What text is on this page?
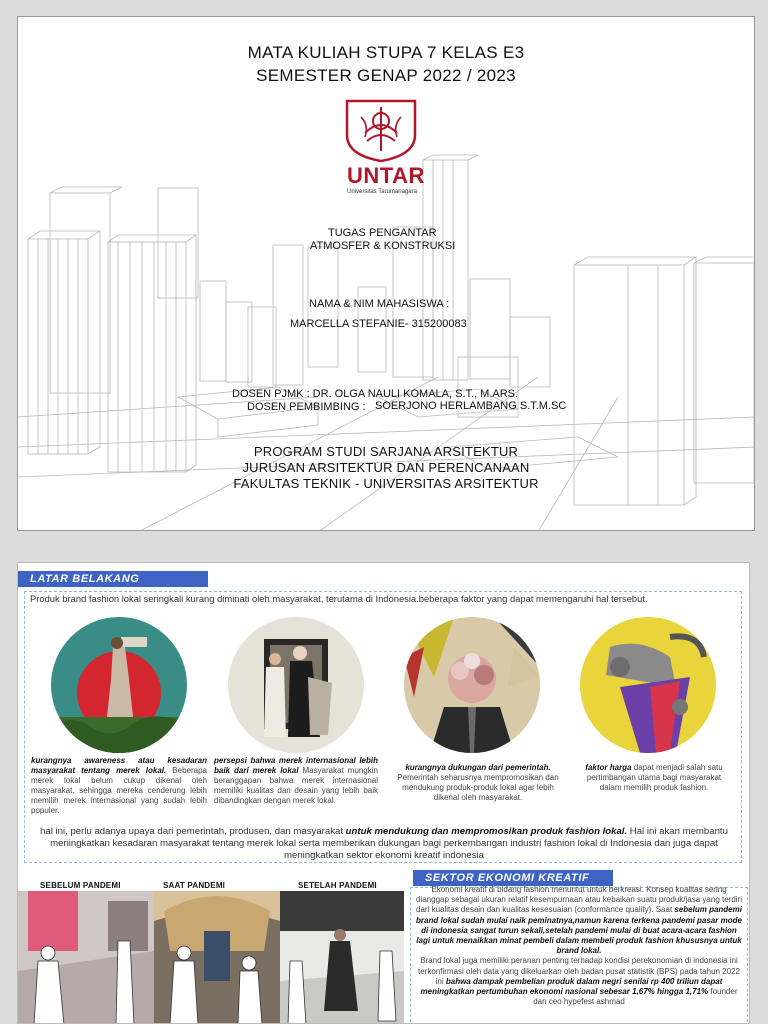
MATA KULIAH STUPA 7 KELAS E3
SEMESTER GENAP 2022 / 2023
UNTAR
Universitas Tarumanagara
TUGAS PENGANTAR
ATMOSFER & KONSTRUKSI
NAMA & NIM MAHASISWA :
MARCELLA STEFANIE- 315200083
DOSEN PJMK : DR. OLGA NAULI KOMALA, S.T., M.ARS.
DOSEN PEMBIMBING : SOERJONO HERLAMBANG S.T.M.SC
PROGRAM STUDI SARJANA ARSITEKTUR
JURUSAN ARSITEKTUR DAN PERENCANAAN
FAKULTAS TEKNIK - UNIVERSITAS ARSITEKTUR
LATAR BELAKANG
Produk brand fashion lokal seringkali kurang diminati oleh masyarakat, terutama di Indonesia.beberapa faktor yang dapat memengaruhi hal tersebut.
kurangnya awareness atau kesadaran masyarakat tentang merek lokal. Beberapa merek lokal belum cukup dikenal oleh masyarakat, sehingga mereka cenderung lebih memilih merek internasional yang sudah lebih populer.
persepsi bahwa merek internasional lebih baik dari merek lokal Masyarakat mungkin beranggapan bahwa merek internasional memiliki kualitas dan desain yang lebih baik dibandingkan dengan merek lokal.
kurangnya dukungan dari pemerintah.
Pemerintah seharusnya mempromosikan dan mendukung produk-produk lokal agar lebih dikenal oleh masyarakat.
faktor harga dapat menjadi salah satu pertimbangan utama bagi masyarakat dalam memilih produk fashion.
hal ini, perlu adanya upaya dari pemerintah, produsen, dan masyarakat untuk mendukung dan mempromosikan produk fashion lokal. Hal ini akan membantu meningkatkan kesadaran masyarakat tentang merek lokal serta memberikan dukungan bagi perkembangan industri fashion lokal di Indonesia dan juga dapat meningkatkan sektor ekonomi kreatif indonesia
SEBELUM PANDEMI	SAAT PANDEMI	SETELAH PANDEMI
SEKTOR EKONOMI KREATIF
Ekonomi kreatif di bidang fashion menuntut untuk berkreasi. Konsep kualitas sering dianggap sebagai ukuran relatif kesempurnaan atau kebaikan suatu produk/jasa yang terdiri dari kualitas desain dan kualitas kesesuaian (conformance quality). Saat sebelum pandemi brand lokal sudah mulai naik peminatnya,namun karena terkena pandemi pasar mode di indonesia sangat turun sekali,setelah pandemi mulai di buat acara-acara fashion lagi untuk menaikkan minat pembeli dalam membeli produk fashion khususnya untuk brand lokal.
Brand lokal juga memiliki peranan penting terhadap kondisi perekonomian di indonesia ini terkonfirmasi oleh data yang dikeluarkan oleh badan pusat statistik (BPS) pada tahun 2022 ini bahwa dampak pembelian produk dalam negri senilai rp 400 triliun dapat meningkatkan pertumbuhan ekonomi nasional sebesar 1,67% hingga 1,71% founder dan ceo hypefest ashmad
